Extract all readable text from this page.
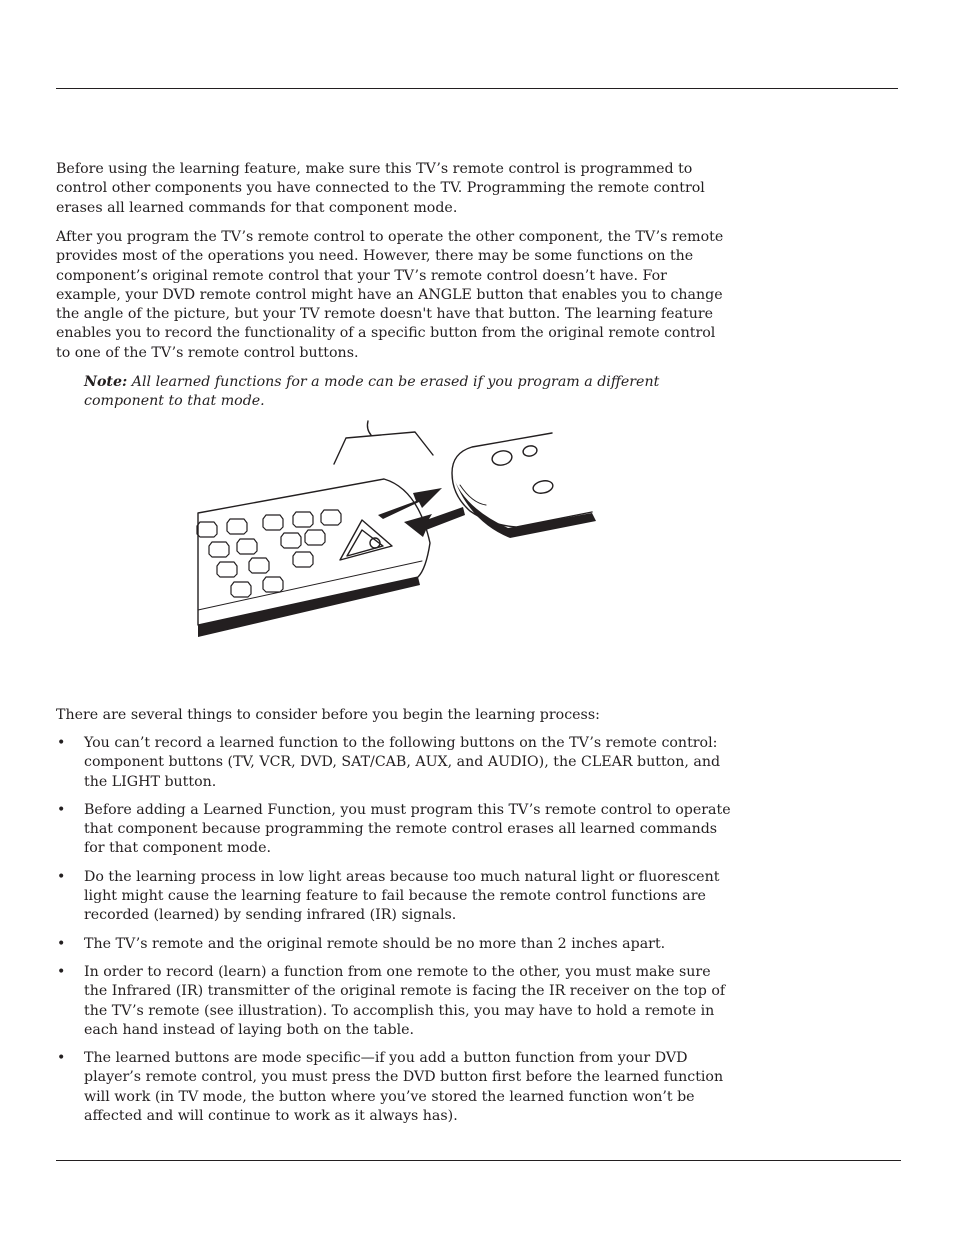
Before using the learning feature, make sure this TV’s remote control is programmed to control other components you have connected to the TV. Programming the remote control erases all learned commands for that component mode.

After you program the TV’s remote control to operate the other component, the TV’s remote provides most of the operations you need. However, there may be some functions on the component’s original remote control that your TV’s remote control doesn’t have. For example, your DVD remote control might have an ANGLE button that enables you to change the angle of the picture, but your TV remote doesn't have that button. The learning feature enables you to record the functionality of a specific button from the original remote control to one of the TV’s remote control buttons.

Note: All learned functions for a mode can be erased if you program a different component to that mode.

There are several things to consider before you begin the learning process:

• You can’t record a learned function to the following buttons on the TV’s remote control: component buttons (TV, VCR, DVD, SAT/CAB, AUX, and AUDIO), the CLEAR button, and the LIGHT button.
• Before adding a Learned Function, you must program this TV’s remote control to operate that component because programming the remote control erases all learned commands for that component mode.
• Do the learning process in low light areas because too much natural light or fluorescent light might cause the learning feature to fail because the remote control functions are recorded (learned) by sending infrared (IR) signals.
• The TV’s remote and the original remote should be no more than 2 inches apart.
• In order to record (learn) a function from one remote to the other, you must make sure the Infrared (IR) transmitter of the original remote is facing the IR receiver on the top of the TV’s remote (see illustration). To accomplish this, you may have to hold a remote in each hand instead of laying both on the table.
• The learned buttons are mode specific—if you add a button function from your DVD player’s remote control, you must press the DVD button first before the learned function will work (in TV mode, the button where you’ve stored the learned function won’t be affected and will continue to work as it always has).
